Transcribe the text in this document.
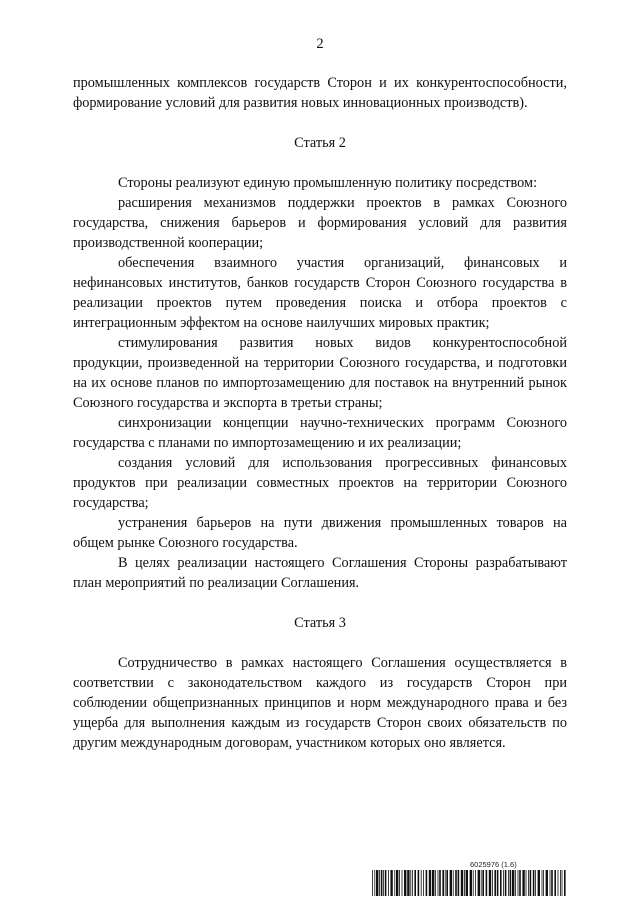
2

промышленных комплексов государств Сторон и их конкурентоспособности, формирование условий для развития новых инновационных производств).

Статья 2

Стороны реализуют единую промышленную политику посредством:

расширения механизмов поддержки проектов в рамках Союзного государства, снижения барьеров и формирования условий для развития производственной кооперации;

обеспечения взаимного участия организаций, финансовых и нефинансовых институтов, банков государств Сторон Союзного государства в реализации проектов путем проведения поиска и отбора проектов с интеграционным эффектом на основе наилучших мировых практик;

стимулирования развития новых видов конкурентоспособной продукции, произведенной на территории Союзного государства, и подготовки на их основе планов по импортозамещению для поставок на внутренний рынок Союзного государства и экспорта в третьи страны;

синхронизации концепции научно-технических программ Союзного государства с планами по импортозамещению и их реализации;

создания условий для использования прогрессивных финансовых продуктов при реализации совместных проектов на территории Союзного государства;

устранения барьеров на пути движения промышленных товаров на общем рынке Союзного государства.

В целях реализации настоящего Соглашения Стороны разрабатывают план мероприятий по реализации Соглашения.

Статья 3

Сотрудничество в рамках настоящего Соглашения осуществляется в соответствии с законодательством каждого из государств Сторон при соблюдении общепризнанных принципов и норм международного права и без ущерба для выполнения каждым из государств Сторон своих обязательств по другим международным договорам, участником которых оно является.

6025976 (1.6)
